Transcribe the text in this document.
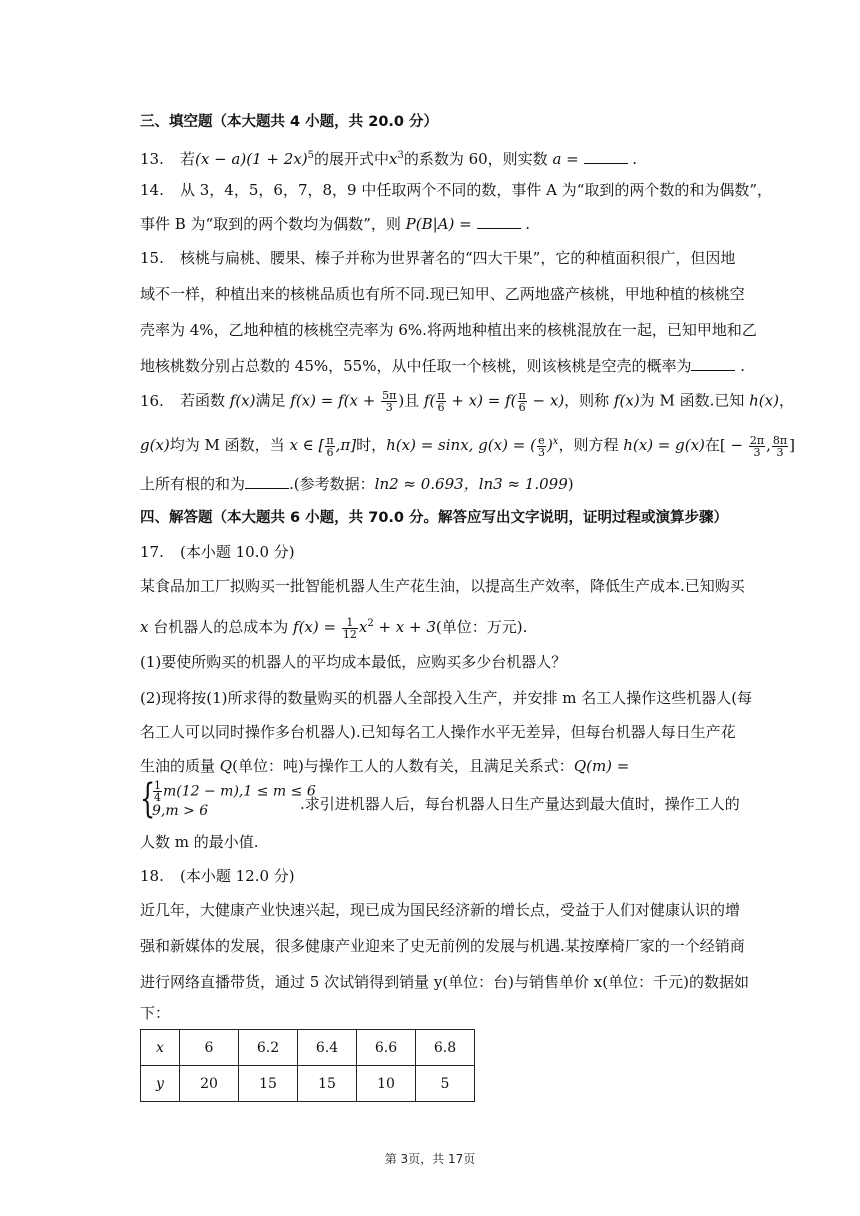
三、填空题（本大题共 4 小题，共 20.0 分）
13. 若$(x - a)(1 + 2x)^5$的展开式中$x^3$的系数为 60，则实数 a =	.
14. 从 3，4，5，6，7，8，9 中任取两个不同的数，事件 A 为“取到的两个数的和为偶数”，
事件 B 为“取到的两个数均为偶数”，则 P(B|A) =	.
15. 核桃与扁桃、腰果、榛子并称为世界著名的“四大干果”，它的种植面积很广，但因地
域不一样，种植出来的核桃品质也有所不同.现已知甲、乙两地盛产核桃，甲地种植的核桃空
壳率为 4%，乙地种植的核桃空壳率为 6%.将两地种植出来的核桃混放在一起，已知甲地和乙
地核桃数分别占总数的 45%，55%，从中任取一个核桃，则该核桃是空壳的概率为	.
16. 若函数 f(x)满足 $f(x) = f(x + \frac{5\pi}{3}$ )且 $f( \frac{\pi}{6} + x) = f( \frac{\pi}{6} - x)$，则称 f(x)为 M 函数.已知 h(x)，
g(x)均为 M 函数，当 x ∈ [ $\frac{\pi}{6} ,\pi$]时，h(x) = sinx, g(x) = ( $\frac{e}{3} )^x$，则方程 h(x) = g(x)在[ − $\frac{2\pi}{3}$ , $\frac{8\pi}{3}$ ]
上所有根的和为	.(参考数据：ln2 ≈ 0.693，ln3 ≈ 1.099)
四、解答题（本大题共 6 小题，共 70.0 分。解答应写出文字说明，证明过程或演算步骤）
17. (本小题 10.0 分)
某食品加工厂拟购买一批智能机器人生产花生油，以提高生产效率，降低生产成本.已知购买
x 台机器人的总成本为 $f(x) = \frac{1}{12} x^2 + x + 3$(单位：万元).
(1)要使所购买的机器人的平均成本最低，应购买多少台机器人？
(2)现将按(1)所求得的数量购买的机器人全部投入生产，并安排 m 名工人操作这些机器人(每
名工人可以同时操作多台机器人).已知每名工人操作水平无差异，但每台机器人每日生产花
生油的质量 Q(单位：吨)与操作工人的人数有关，且满足关系式：Q(m) =
{
$\frac{1}{4} m(12 - m),1 \le m \le 6$
9,m > 6	.求引进机器人后，每台机器人日生产量达到最大值时，操作工人的
人数 m 的最小值.
18. (本小题 12.0 分)
近几年，大健康产业快速兴起，现已成为国民经济新的增长点，受益于人们对健康认识的增
强和新媒体的发展，很多健康产业迎来了史无前例的发展与机遇.某按摩椅厂家的一个经销商
进行网络直播带货，通过 5 次试销得到销量 y(单位：台)与销售单价 x(单位：千元)的数据如
下：
x	6	6.2	6.4	6.6	6.8
y	20	15	15	10	5
第 3页，共 17页
